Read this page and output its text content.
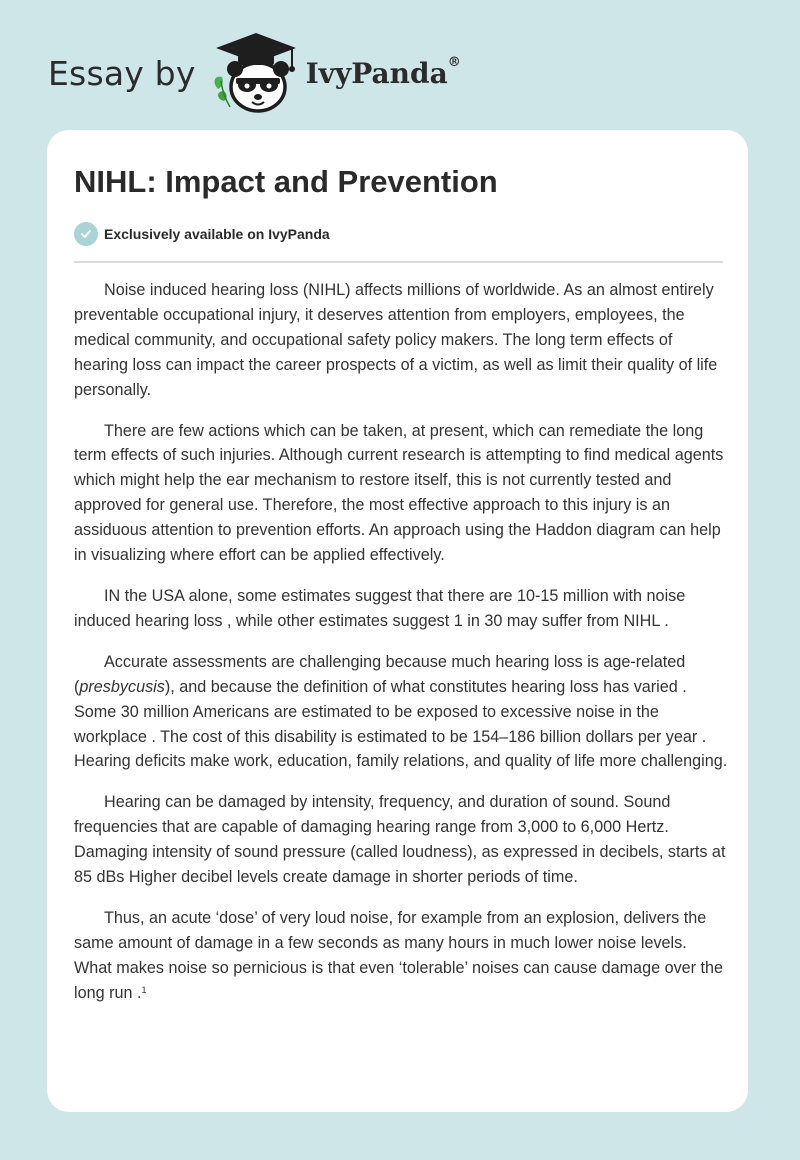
Essay by	IvyPanda®
NIHL: Impact and Prevention
Exclusively available on IvyPanda

Noise induced hearing loss (NIHL) affects millions of worldwide. As an almost entirely preventable occupational injury, it deserves attention from employers, employees, the medical community, and occupational safety policy makers. The long term effects of hearing loss can impact the career prospects of a victim, as well as limit their quality of life personally.

There are few actions which can be taken, at present, which can remediate the long term effects of such injuries. Although current research is attempting to find medical agents which might help the ear mechanism to restore itself, this is not currently tested and approved for general use. Therefore, the most effective approach to this injury is an assiduous attention to prevention efforts. An approach using the Haddon diagram can help in visualizing where effort can be applied effectively.

IN the USA alone, some estimates suggest that there are 10-15 million with noise induced hearing loss , while other estimates suggest 1 in 30 may suffer from NIHL .

Accurate assessments are challenging because much hearing loss is age-related (presbycusis), and because the definition of what constitutes hearing loss has varied . Some 30 million Americans are estimated to be exposed to excessive noise in the workplace . The cost of this disability is estimated to be 154–186 billion dollars per year . Hearing deficits make work, education, family relations, and quality of life more challenging.

Hearing can be damaged by intensity, frequency, and duration of sound. Sound frequencies that are capable of damaging hearing range from 3,000 to 6,000 Hertz. Damaging intensity of sound pressure (called loudness), as expressed in decibels, starts at 85 dBs Higher decibel levels create damage in shorter periods of time.

Thus, an acute ‘dose’ of very loud noise, for example from an explosion, delivers the same amount of damage in a few seconds as many hours in much lower noise levels. What makes noise so pernicious is that even ‘tolerable’ noises can cause damage over the long run .$^1$
